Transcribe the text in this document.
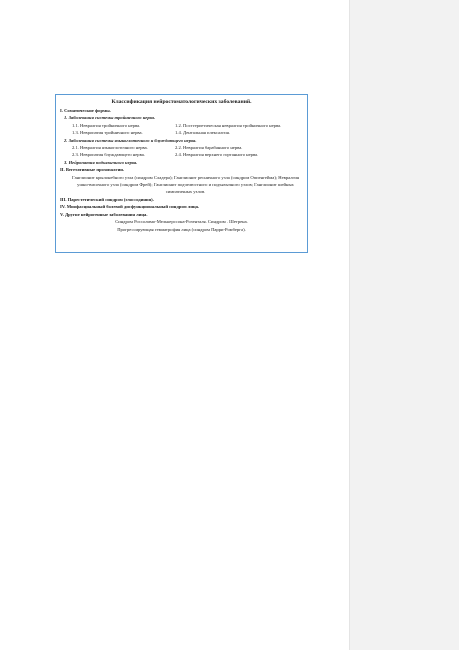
Классификация нейростоматологических заболеваний.
I. Соматические формы.
1. Заболевания системы тройничного нерва.
1.1. Невралгия тройничного нерва.	1.2. Постгерпетическая невралгия тройничного нерва.
1.3. Невропатия тройничного нерва.	1.4. Дентальная плексалгия.
2. Заболевания системы языкоглоточного и блуждающего нерва.
2.1. Невралгия языкоглоточного нерва.	2.2. Невралгия барабанного нерва.
2.3. Невропатия блуждающего нерва.	2.4. Невралгия верхнего гортанного нерва.
3. Нейропатия подъязычного нерва.
II. Вегетативные прозопалгии.
Ганглионит крылонебного узла (синдром Сладера); Ганглионит ресничного узла (синдром Оппенгейма); Невралгия ушно-височного узла (синдром Фрей); Ганглионит подчелюстного и подъязычного узлов; Ганглионит шейных симпатичных узлов.
III. Парестетический синдром (глоссодиния).
IV. Миофасциальный болевой дисфункциональный синдром лица.
V. Другие нейрогенные заболевания лица.
Синдром Россолимо-Мелькерссона-Розенталя. Синдром . Шетрена.
Прогрессирующая гемиатрофия лица (синдром Парри-Ромберга).
